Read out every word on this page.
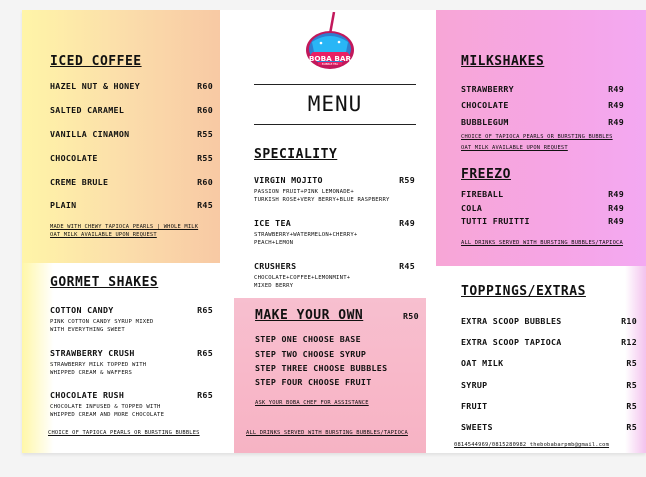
ICED COFFEE
HAZEL NUT & HONEY	R60
SALTED CARAMEL	R60
VANILLA CINAMON	R55
CHOCOLATE	R55
CREME BRULE	R60
PLAIN	R45
MADE WITH CHEWY TAPIOCA PEARLS | WHOLE MILK
OAT MILK AVAILABLE UPON REQUEST
BOBA BAR
BUBBLE TEA
MENU
SPECIALITY
VIRGIN MOJITO	R59
PASSION FRUIT+PINK LEMONADE+
TURKISH ROSE+VERY BERRY+BLUE RASPBERRY
ICE TEA	R49
STRAWBERRY+WATERMELON+CHERRY+
PEACH+LEMON
CRUSHERS	R45
CHOCOLATE+COFFEE+LEMONMINT+
MIXED BERRY
MILKSHAKES
STRAWBERRY	R49
CHOCOLATE	R49
BUBBLEGUM	R49
CHOICE OF TAPIOCA PEARLS OR BURSTING BUBBLES
OAT MILK AVAILABLE UPON REQUEST
FREEZO
FIREBALL	R49
COLA	R49
TUTTI FRUITTI	R49
ALL DRINKS SERVED WITH BURSTING BUBBLES/TAPIOCA
GORMET SHAKES
COTTON CANDY	R65
PINK COTTON CANDY SYRUP MIXED
WITH EVERYTHING SWEET
STRAWBERRY CRUSH	R65
STRAWBERRY MILK TOPPED WITH
WHIPPED CREAM & WAFFERS
CHOCOLATE RUSH	R65
CHOCOLATE INFUSED & TOPPED WITH
WHIPPED CREAM AND MORE CHOCOLATE
CHOICE OF TAPIOCA PEARLS OR BURSTING BUBBLES
MAKE YOUR OWN	R50
STEP ONE CHOOSE BASE
STEP TWO CHOOSE SYRUP
STEP THREE CHOOSE BUBBLES
STEP FOUR CHOOSE FRUIT
ASK YOUR BOBA CHEF FOR ASSISTANCE
ALL DRINKS SERVED WITH BURSTING BUBBLES/TAPIOCA
TOPPINGS/EXTRAS
EXTRA SCOOP BUBBLES	R10
EXTRA SCOOP TAPIOCA	R12
OAT MILK	R5
SYRUP	R5
FRUIT	R5
SWEETS	R5
0814544969/0815280982 thebobabarpmb@gmail.com
